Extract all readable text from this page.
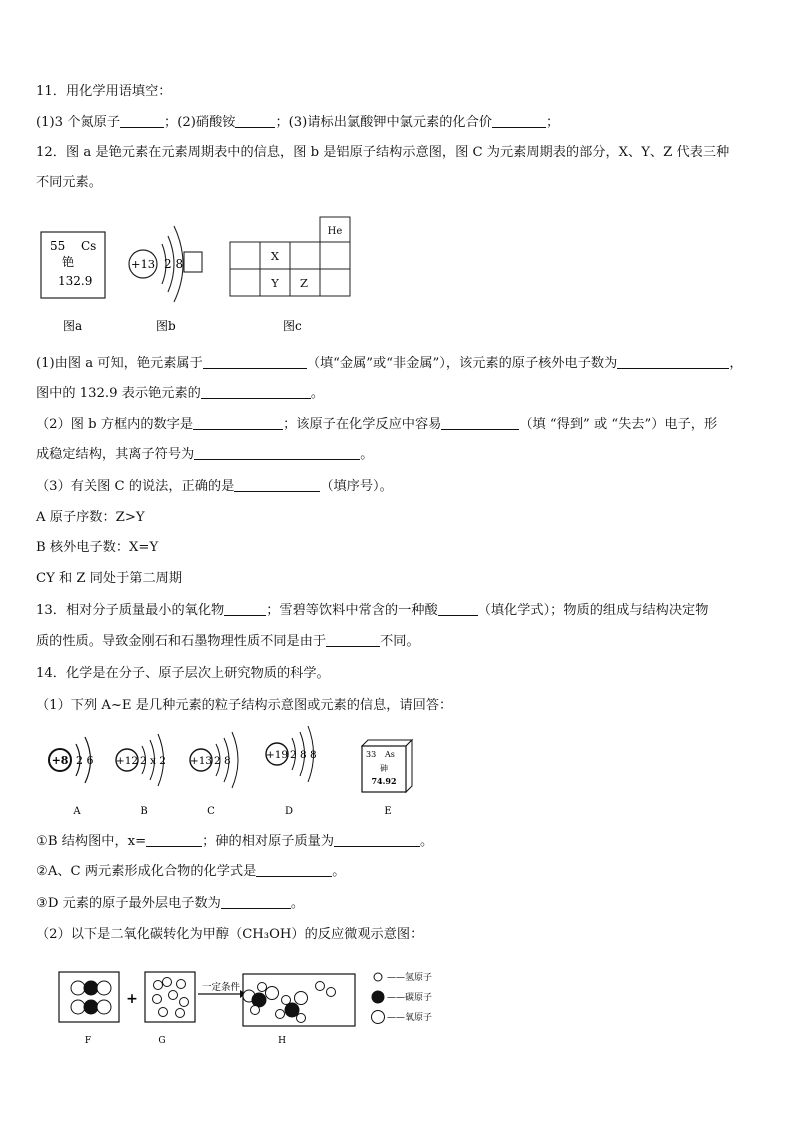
11．用化学用语填空：
(1)3 个氮原子	；(2)硝酸铵	；(3)请标出氯酸钾中氯元素的化合价	；
12．图 a 是铯元素在元素周期表中的信息，图 b 是铝原子结构示意图，图 C 为元素周期表的部分，X、Y、Z 代表三种
不同元素。
55 Cs
铯
132.9
图a
+13 2 8
图b
He
X
Y Z
图c
(1)由图 a 可知，铯元素属于	（填“金属”或“非金属”），该元素的原子核外电子数为	，
图中的 132.9 表示铯元素的	。
（2）图 b 方框内的数字是	；该原子在化学反应中容易	（填 “得到” 或 “失去”）电子，形
成稳定结构，其离子符号为	。
（3）有关图 C 的说法，正确的是	（填序号）。
A 原子序数：Z>Y
B 核外电子数：X=Y
CY 和 Z 同处于第二周期
13．相对分子质量最小的氧化物	；雪碧等饮料中常含的一种酸	（填化学式）；物质的组成与结构决定物
质的性质。导致金刚石和石墨物理性质不同是由于	不同。
14．化学是在分子、原子层次上研究物质的科学。
（1）下列 A~E 是几种元素的粒子结构示意图或元素的信息，请回答：
+8 2 6
A
+12 2 x 2
B
+13 2 8
C
+19 2 8 8
D
33 As
砷
74.92
E
①B 结构图中，x=	；砷的相对原子质量为	。
②A、C 两元素形成化合物的化学式是	。
③D 元素的原子最外层电子数为	。
（2）以下是二氧化碳转化为甲醇（CH₃OH）的反应微观示意图：
+
一定条件
F	G	H
——氢原子
——碳原子
——氧原子
